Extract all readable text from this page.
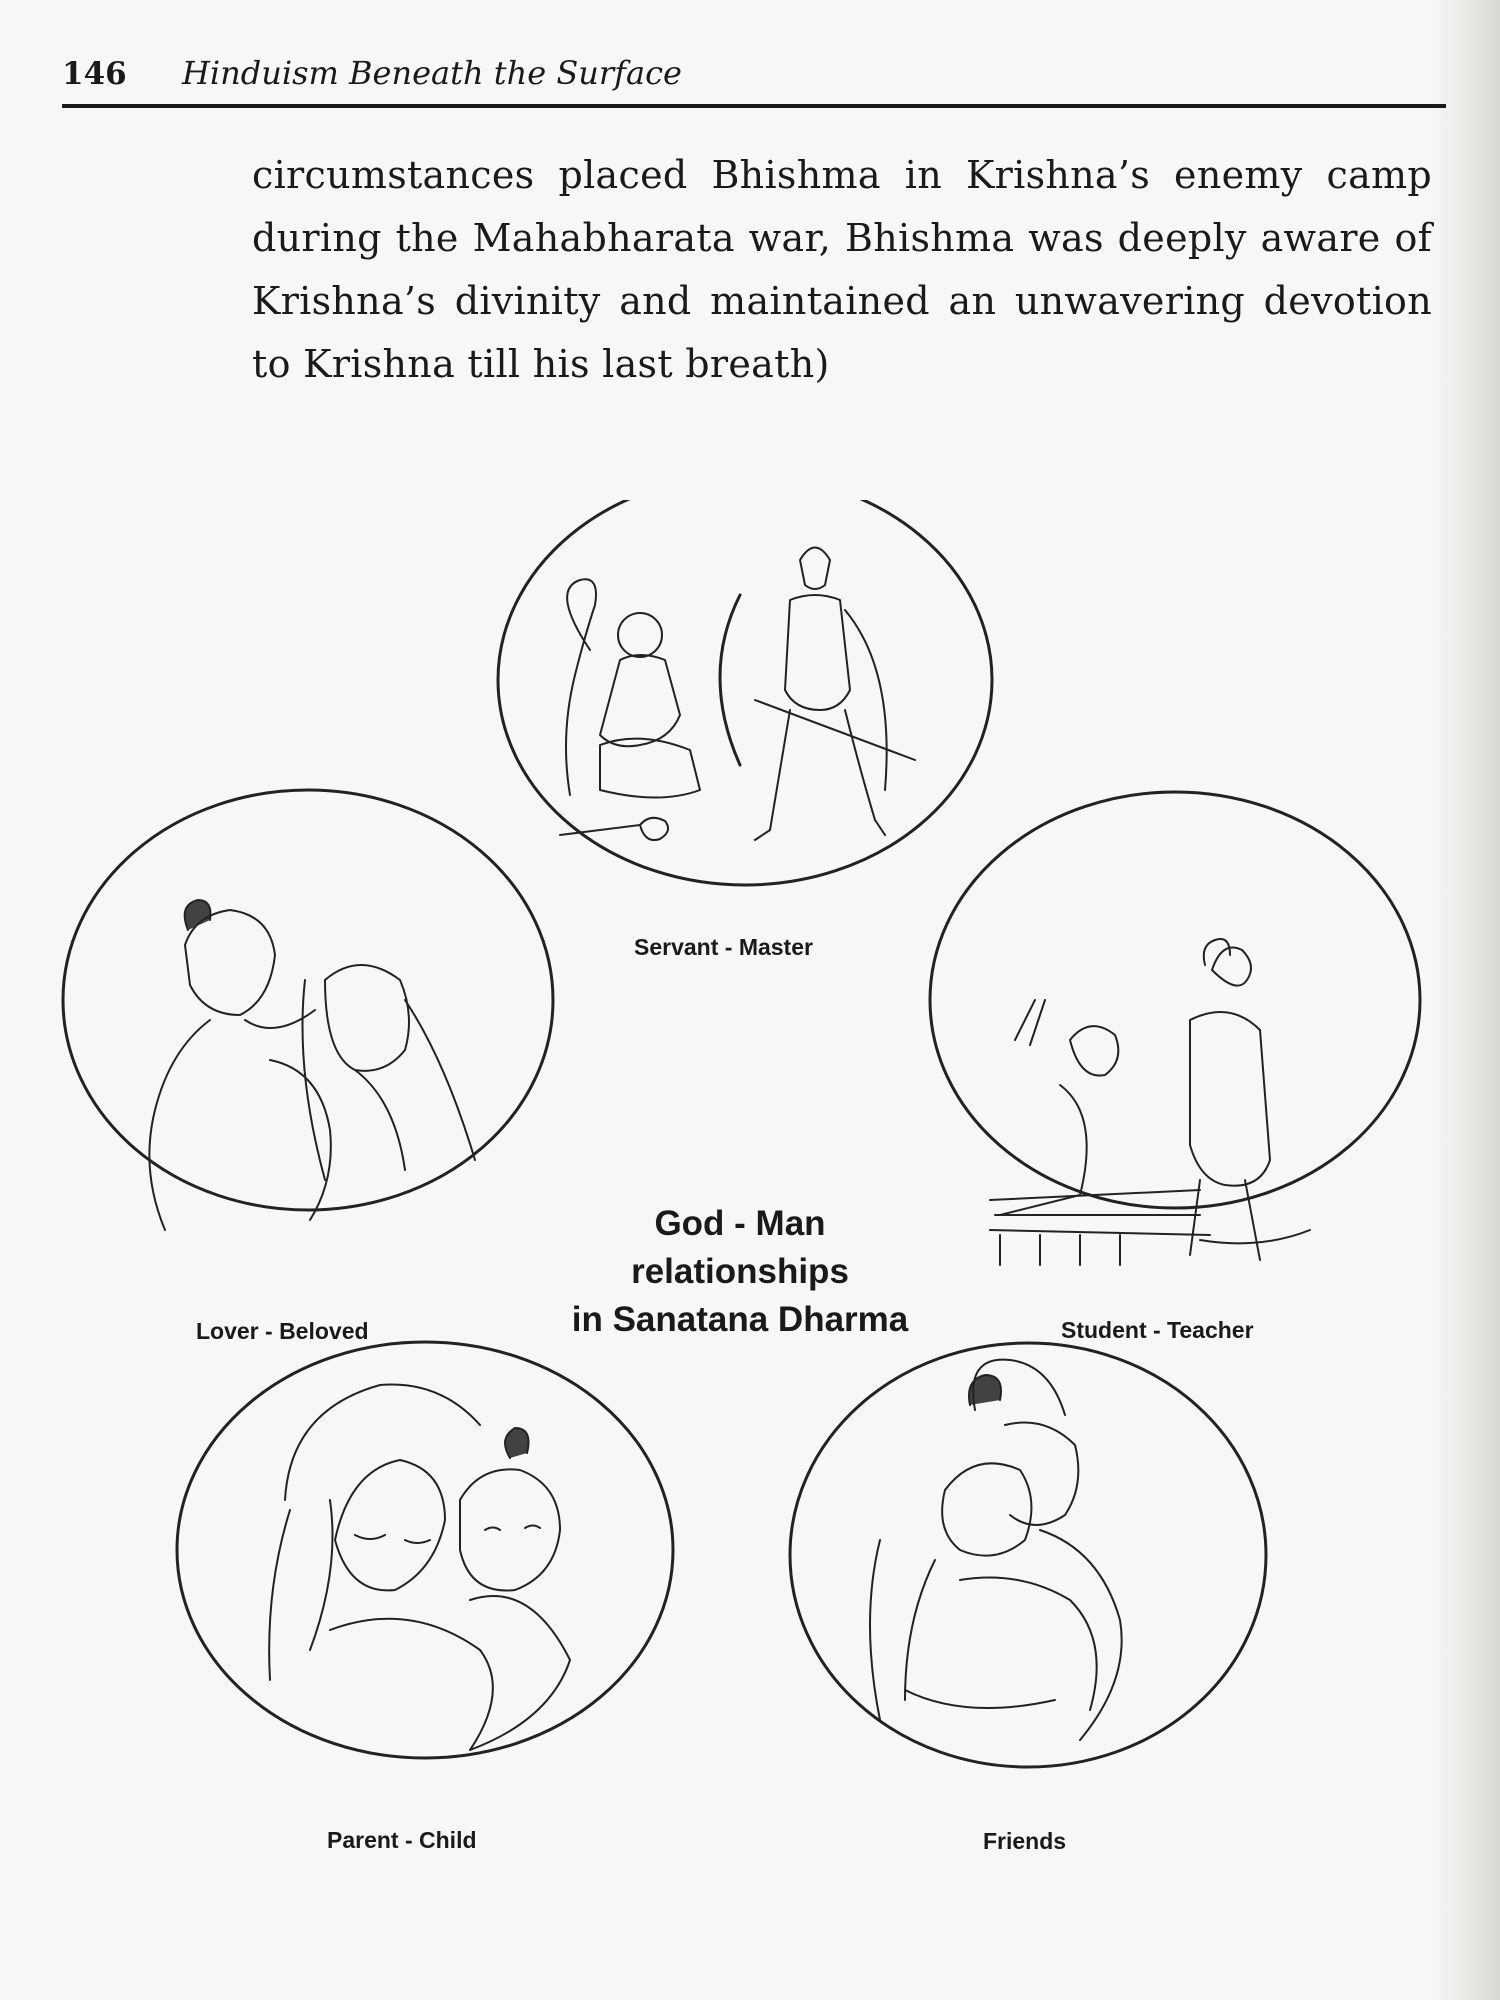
146 Hinduism Beneath the Surface

circumstances placed Bhishma in Krishna’s enemy camp during the Mahabharata war, Bhishma was deeply aware of Krishna’s divinity and maintained an unwavering devotion to Krishna till his last breath)

Servant - Master
Lover - Beloved	Student - Teacher
Parent - Child	Friends
God - Man
relationships
in Sanatana Dharma
